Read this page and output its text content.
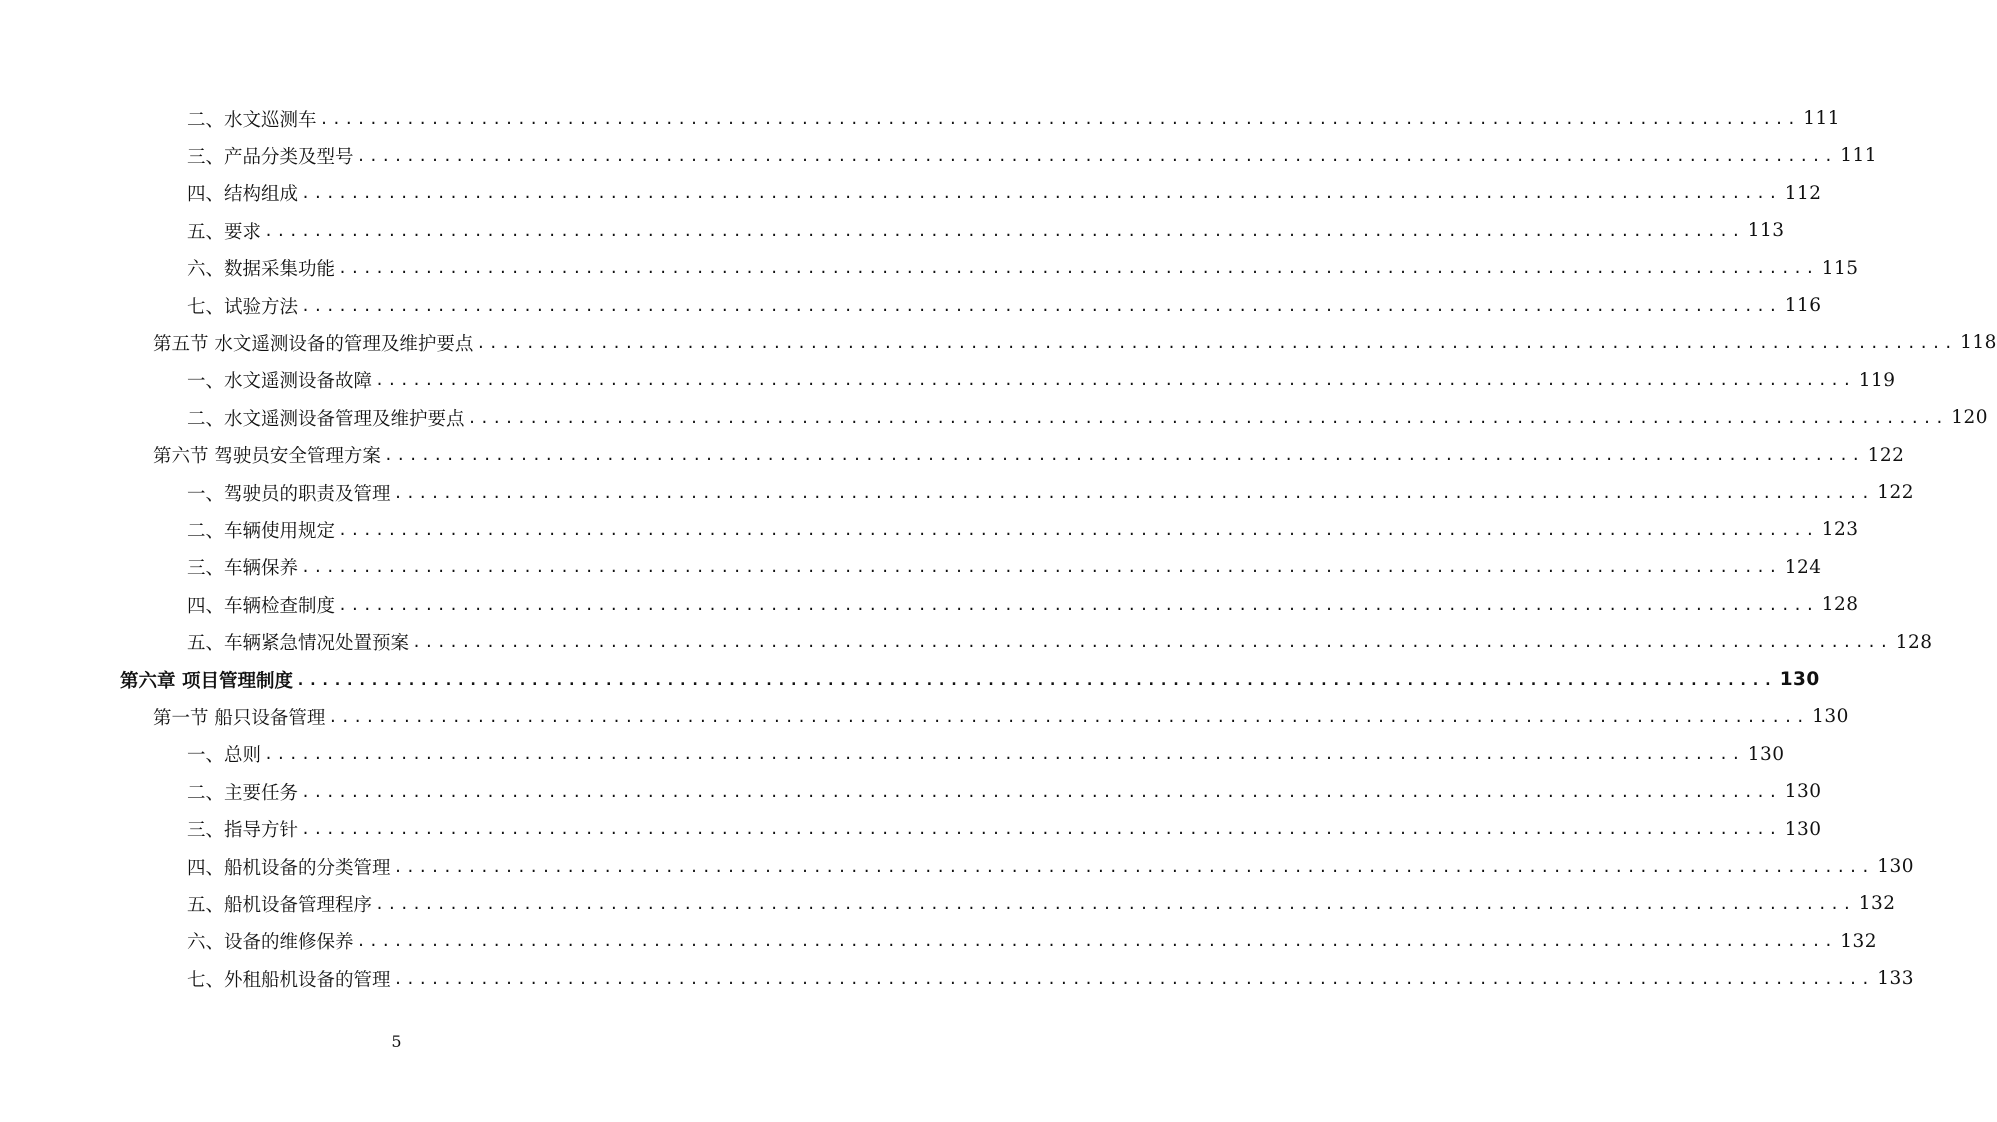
二、水文巡测车 ........................................................................................................................ 111
三、产品分类及型号 ........................................................................................................................ 111
四、结构组成 ........................................................................................................................ 112
五、要求 ........................................................................................................................ 113
六、数据采集功能 ........................................................................................................................ 115
七、试验方法 ........................................................................................................................ 116
第五节 水文遥测设备的管理及维护要点 ........................................................................................................................ 118
一、水文遥测设备故障 ........................................................................................................................ 119
二、水文遥测设备管理及维护要点 ........................................................................................................................ 120
第六节 驾驶员安全管理方案 ........................................................................................................................ 122
一、驾驶员的职责及管理 ........................................................................................................................ 122
二、车辆使用规定 ........................................................................................................................ 123
三、车辆保养 ........................................................................................................................ 124
四、车辆检查制度 ........................................................................................................................ 128
五、车辆紧急情况处置预案 ........................................................................................................................ 128
第六章 项目管理制度 ........................................................................................................................ 130
第一节 船只设备管理 ........................................................................................................................ 130
一、总则 ........................................................................................................................ 130
二、主要任务 ........................................................................................................................ 130
三、指导方针 ........................................................................................................................ 130
四、船机设备的分类管理 ........................................................................................................................ 130
五、船机设备管理程序 ........................................................................................................................ 132
六、设备的维修保养 ........................................................................................................................ 132
七、外租船机设备的管理 ........................................................................................................................ 133
5
